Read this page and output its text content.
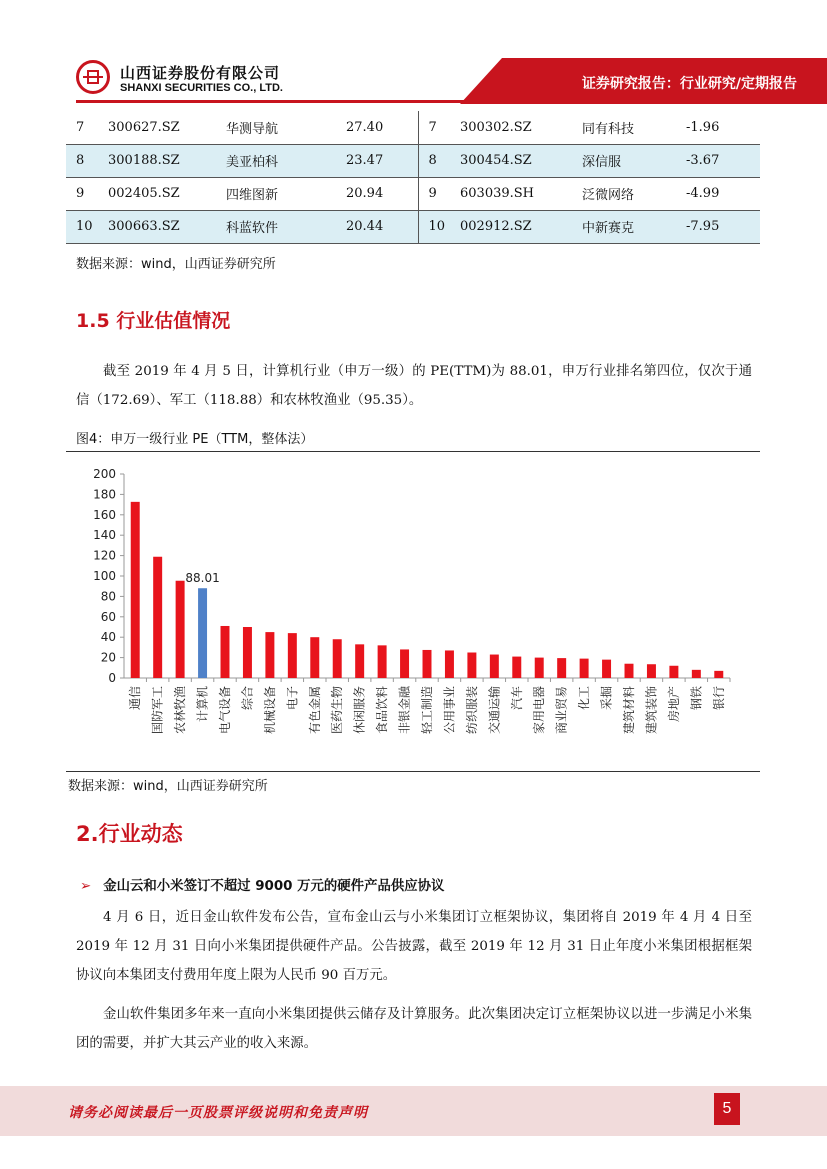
山西证券股份有限公司
SHANXI SECURITIES CO., LTD.	证券研究报告：行业研究/定期报告
7	300627.SZ	华测导航	27.40	7	300302.SZ	同有科技	-1.96
8	300188.SZ	美亚柏科	23.47	8	300454.SZ	深信服	-3.67
9	002405.SZ	四维图新	20.94	9	603039.SH	泛微网络	-4.99
10	300663.SZ	科蓝软件	20.44	10	002912.SZ	中新赛克	-7.95
数据来源：wind，山西证券研究所
1.5 行业估值情况
截至 2019 年 4 月 5 日，计算机行业（申万一级）的 PE(TTM)为 88.01，申万行业排名第四位，仅次于通信（172.69）、军工（118.88）和农林牧渔业（95.35）。
图4：申万一级行业 PE（TTM，整体法）
0
20
40
60
80
100
120
140
160
180
200
通信 国防军工 农林牧渔 计算机
88.01
电气设备 综合 机械设备 电子 有色金属 医药生物 休闲服务 食品饮料 非银金融 轻工制造 公用事业 纺织服装 交通运输 汽车 家用电器 商业贸易 化工 采掘 建筑材料 建筑装饰 房地产 钢铁 银行
数据来源：wind，山西证券研究所
2.行业动态
➢ 金山云和小米签订不超过 9000 万元的硬件产品供应协议
4 月 6 日，近日金山软件发布公告，宣布金山云与小米集团订立框架协议，集团将自 2019 年 4 月 4 日至 2019 年 12 月 31 日向小米集团提供硬件产品。公告披露，截至 2019 年 12 月 31 日止年度小米集团根据框架协议向本集团支付费用年度上限为人民币 90 百万元。
金山软件集团多年来一直向小米集团提供云储存及计算服务。此次集团决定订立框架协议以进一步满足小米集团的需要，并扩大其云产业的收入来源。
请务必阅读最后一页股票评级说明和免责声明	5
